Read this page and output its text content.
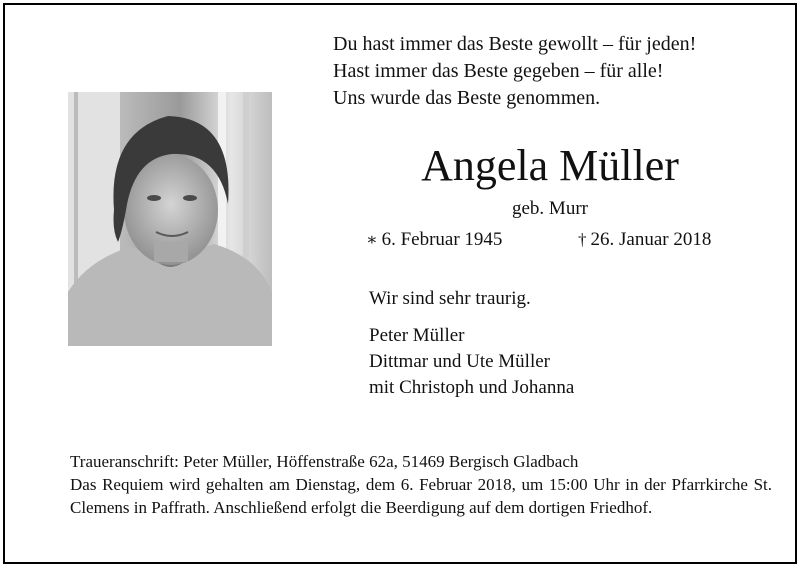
Du hast immer das Beste gewollt – für jeden!
Hast immer das Beste gegeben – für alle!
Uns wurde das Beste genommen.
Angela Müller
geb. Murr
∗ 6. Februar 1945	† 26. Januar 2018
Wir sind sehr traurig.
Peter Müller
Dittmar und Ute Müller
mit Christoph und Johanna
Traueranschrift: Peter Müller, Höffenstraße 62a, 51469 Bergisch Gladbach
Das Requiem wird gehalten am Dienstag, dem 6. Februar 2018, um 15:00 Uhr in der Pfarrkirche St. Clemens in Paffrath. Anschließend erfolgt die Beerdigung auf dem dortigen Friedhof.
